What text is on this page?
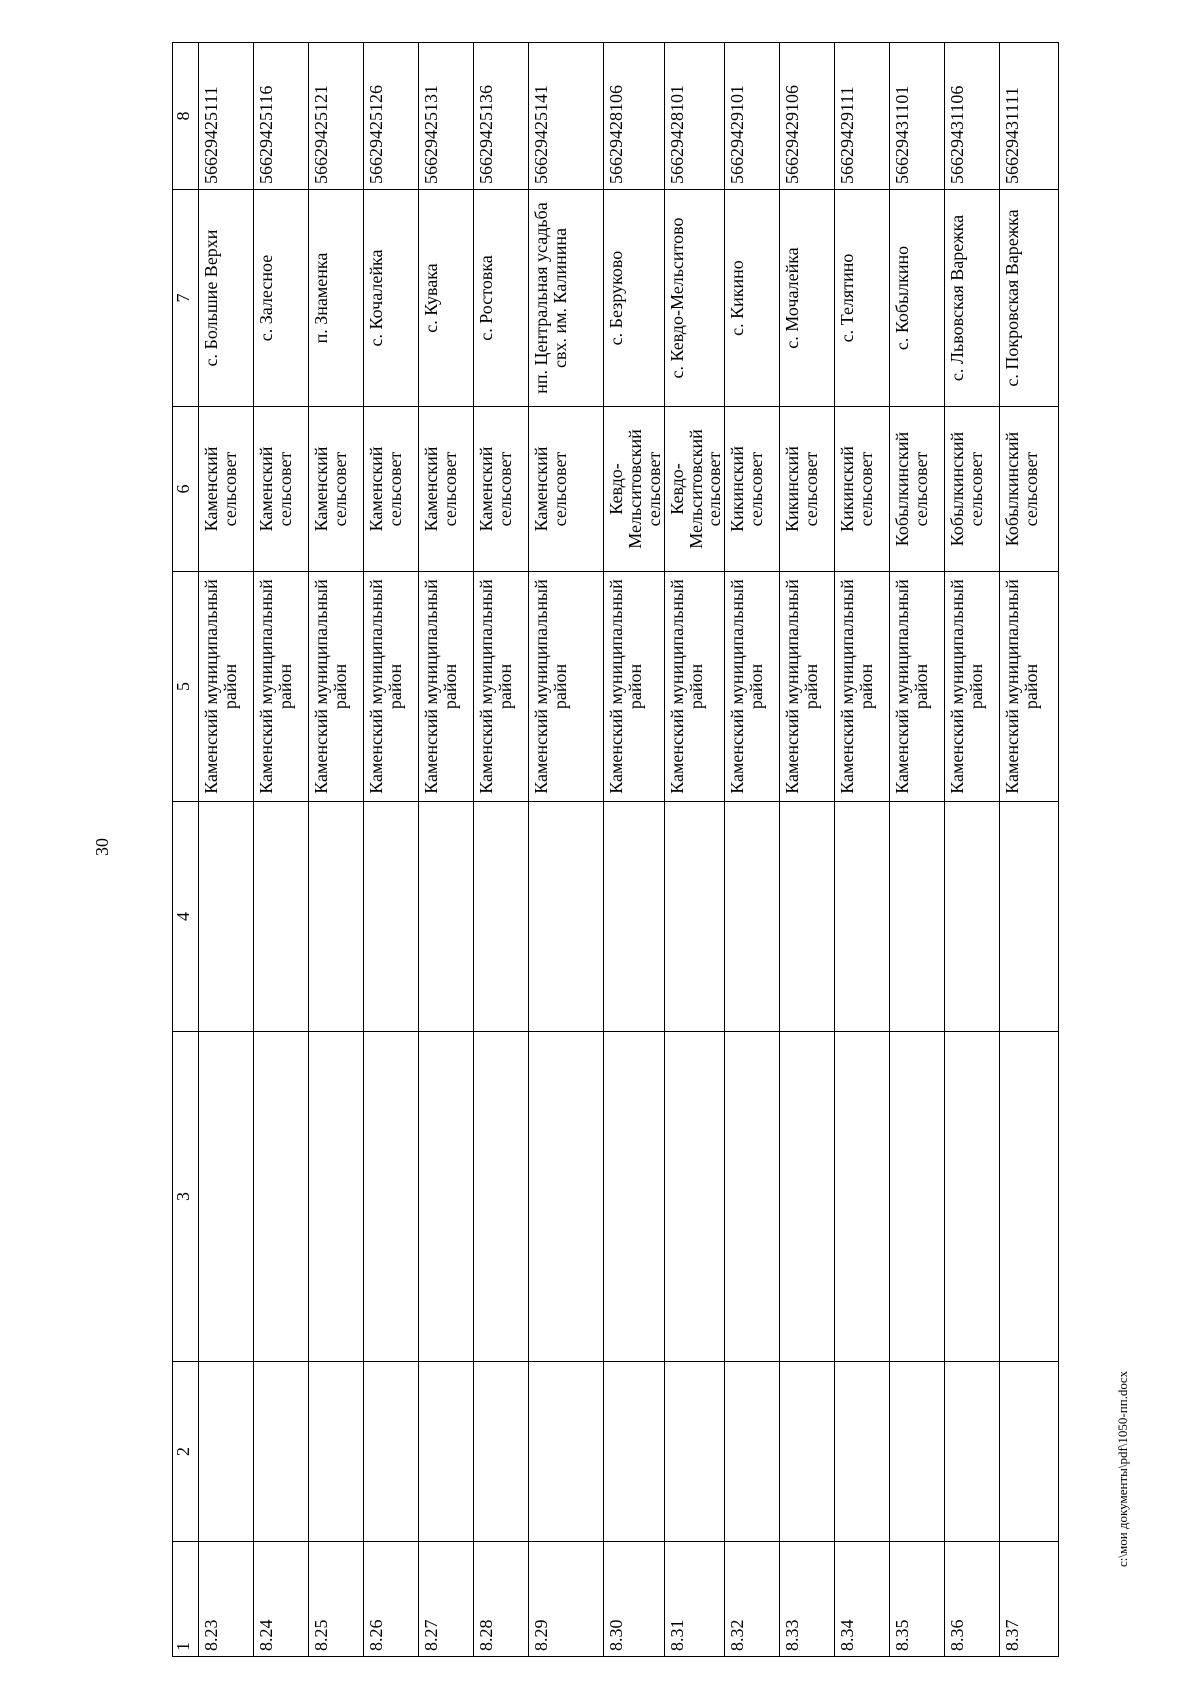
30
1	2	3	4	5	6	7	8
8.23				Каменский муниципальный район	Каменский сельсовет	с. Большие Верхи	56629425111
8.24				Каменский муниципальный район	Каменский сельсовет	с. Залесное	56629425116
8.25				Каменский муниципальный район	Каменский сельсовет	п. Знаменка	56629425121
8.26				Каменский муниципальный район	Каменский сельсовет	с. Кочалейка	56629425126
8.27				Каменский муниципальный район	Каменский сельсовет	с. Кувака	56629425131
8.28				Каменский муниципальный район	Каменский сельсовет	с. Ростовка	56629425136
8.29				Каменский муниципальный район	Каменский сельсовет	нп. Центральная усадьба свх. им. Калинина	56629425141
8.30				Каменский муниципальный район	Кевдо-Мельситовский сельсовет	с. Безруково	56629428106
8.31				Каменский муниципальный район	Кевдо-Мельситовский сельсовет	с. Кевдо-Мельситово	56629428101
8.32				Каменский муниципальный район	Кикинский сельсовет	с. Кикино	56629429101
8.33				Каменский муниципальный район	Кикинский сельсовет	с. Мочалейка	56629429106
8.34				Каменский муниципальный район	Кикинский сельсовет	с. Телятино	56629429111
8.35				Каменский муниципальный район	Кобылкинский сельсовет	с. Кобылкино	56629431101
8.36				Каменский муниципальный район	Кобылкинский сельсовет	с. Львовская Варежка	56629431106
8.37				Каменский муниципальный район	Кобылкинский сельсовет	с. Покровская Варежка	56629431111
c:\мои документы\pdf\1050-пп.docx
